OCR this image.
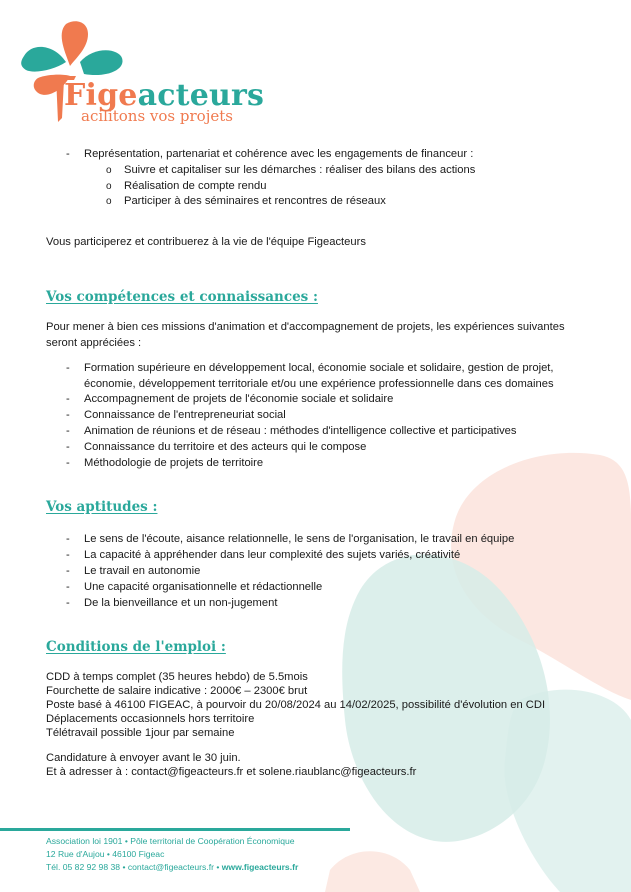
Figeacteurs
acilitons vos projets
- Représentation, partenariat et cohérence avec les engagements de financeur :
o Suivre et capitaliser sur les démarches : réaliser des bilans des actions
o Réalisation de compte rendu
o Participer à des séminaires et rencontres de réseaux
Vous participerez et contribuerez à la vie de l'équipe Figeacteurs
Vos compétences et connaissances :
Pour mener à bien ces missions d'animation et d'accompagnement de projets, les expériences suivantes
seront appréciées :
- Formation supérieure en développement local, économie sociale et solidaire, gestion de projet, économie, développement territoriale et/ou une expérience professionnelle dans ces domaines
- Accompagnement de projets de l'économie sociale et solidaire
- Connaissance de l'entrepreneuriat social
- Animation de réunions et de réseau : méthodes d'intelligence collective et participatives
- Connaissance du territoire et des acteurs qui le compose
- Méthodologie de projets de territoire
Vos aptitudes :
- Le sens de l'écoute, aisance relationnelle, le sens de l'organisation, le travail en équipe
- La capacité à appréhender dans leur complexité des sujets variés, créativité
- Le travail en autonomie
- Une capacité organisationnelle et rédactionnelle
- De la bienveillance et un non-jugement
Conditions de l'emploi :
CDD à temps complet (35 heures hebdo) de 5.5mois
Fourchette de salaire indicative : 2000€ – 2300€ brut
Poste basé à 46100 FIGEAC, à pourvoir du 20/08/2024 au 14/02/2025, possibilité d'évolution en CDI
Déplacements occasionnels hors territoire
Télétravail possible 1jour par semaine
Candidature à envoyer avant le 30 juin.
Et à adresser à : contact@figeacteurs.fr et solene.riaublanc@figeacteurs.fr
Association loi 1901 • Pôle territorial de Coopération Économique
12 Rue d'Aujou • 46100 Figeac
Tél. 05 82 92 98 38 • contact@figeacteurs.fr • www.figeacteurs.fr
